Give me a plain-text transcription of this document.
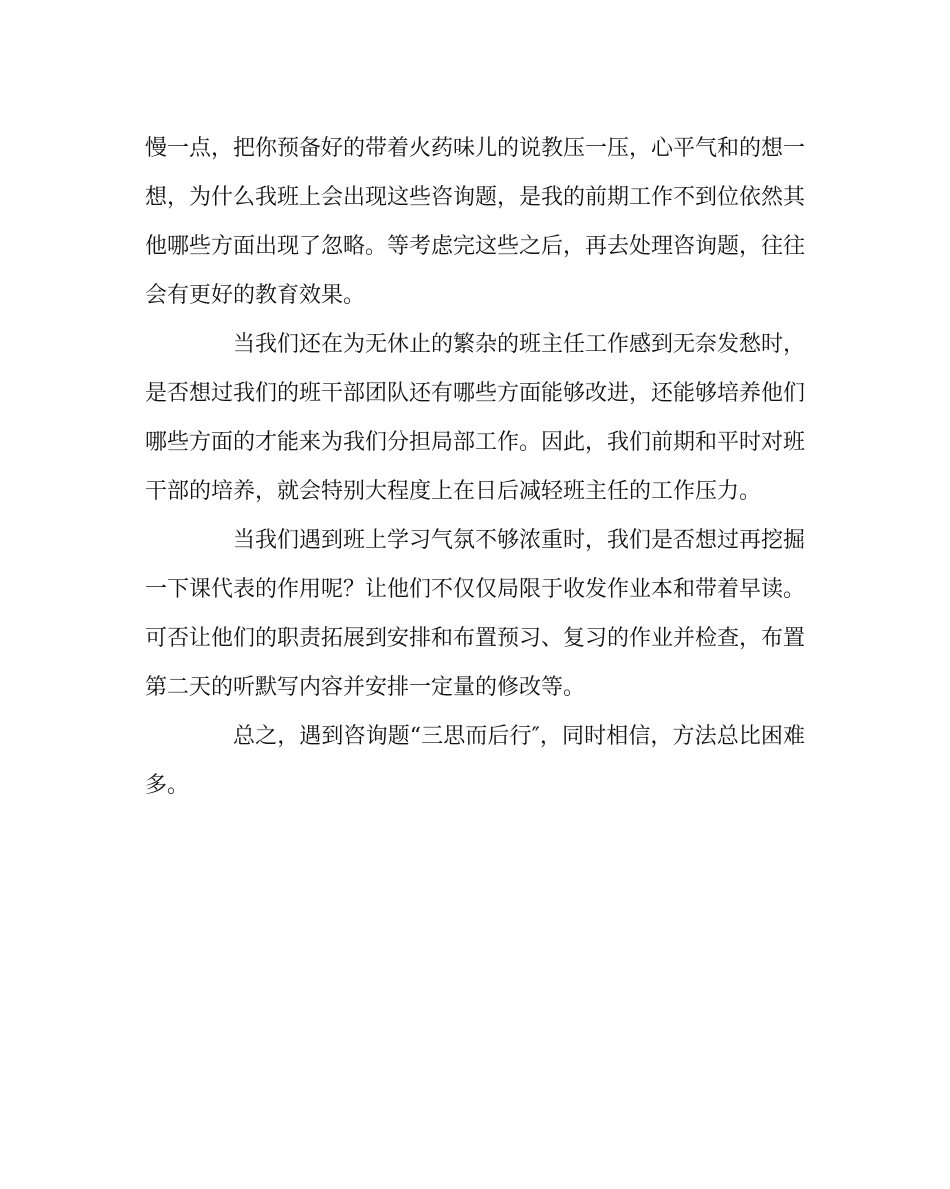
慢一点，把你预备好的带着火药味儿的说教压一压，心平气和的想一想，为什么我班上会出现这些咨询题，是我的前期工作不到位依然其他哪些方面出现了忽略。等考虑完这些之后，再去处理咨询题，往往会有更好的教育效果。

当我们还在为无休止的繁杂的班主任工作感到无奈发愁时，是否想过我们的班干部团队还有哪些方面能够改进，还能够培养他们哪些方面的才能来为我们分担局部工作。因此，我们前期和平时对班干部的培养，就会特别大程度上在日后减轻班主任的工作压力。

当我们遇到班上学习气氛不够浓重时，我们是否想过再挖掘一下课代表的作用呢？让他们不仅仅局限于收发作业本和带着早读。可否让他们的职责拓展到安排和布置预习、复习的作业并检查，布置第二天的听默写内容并安排一定量的修改等。

总之，遇到咨询题“三思而后行″，同时相信，方法总比困难多。
